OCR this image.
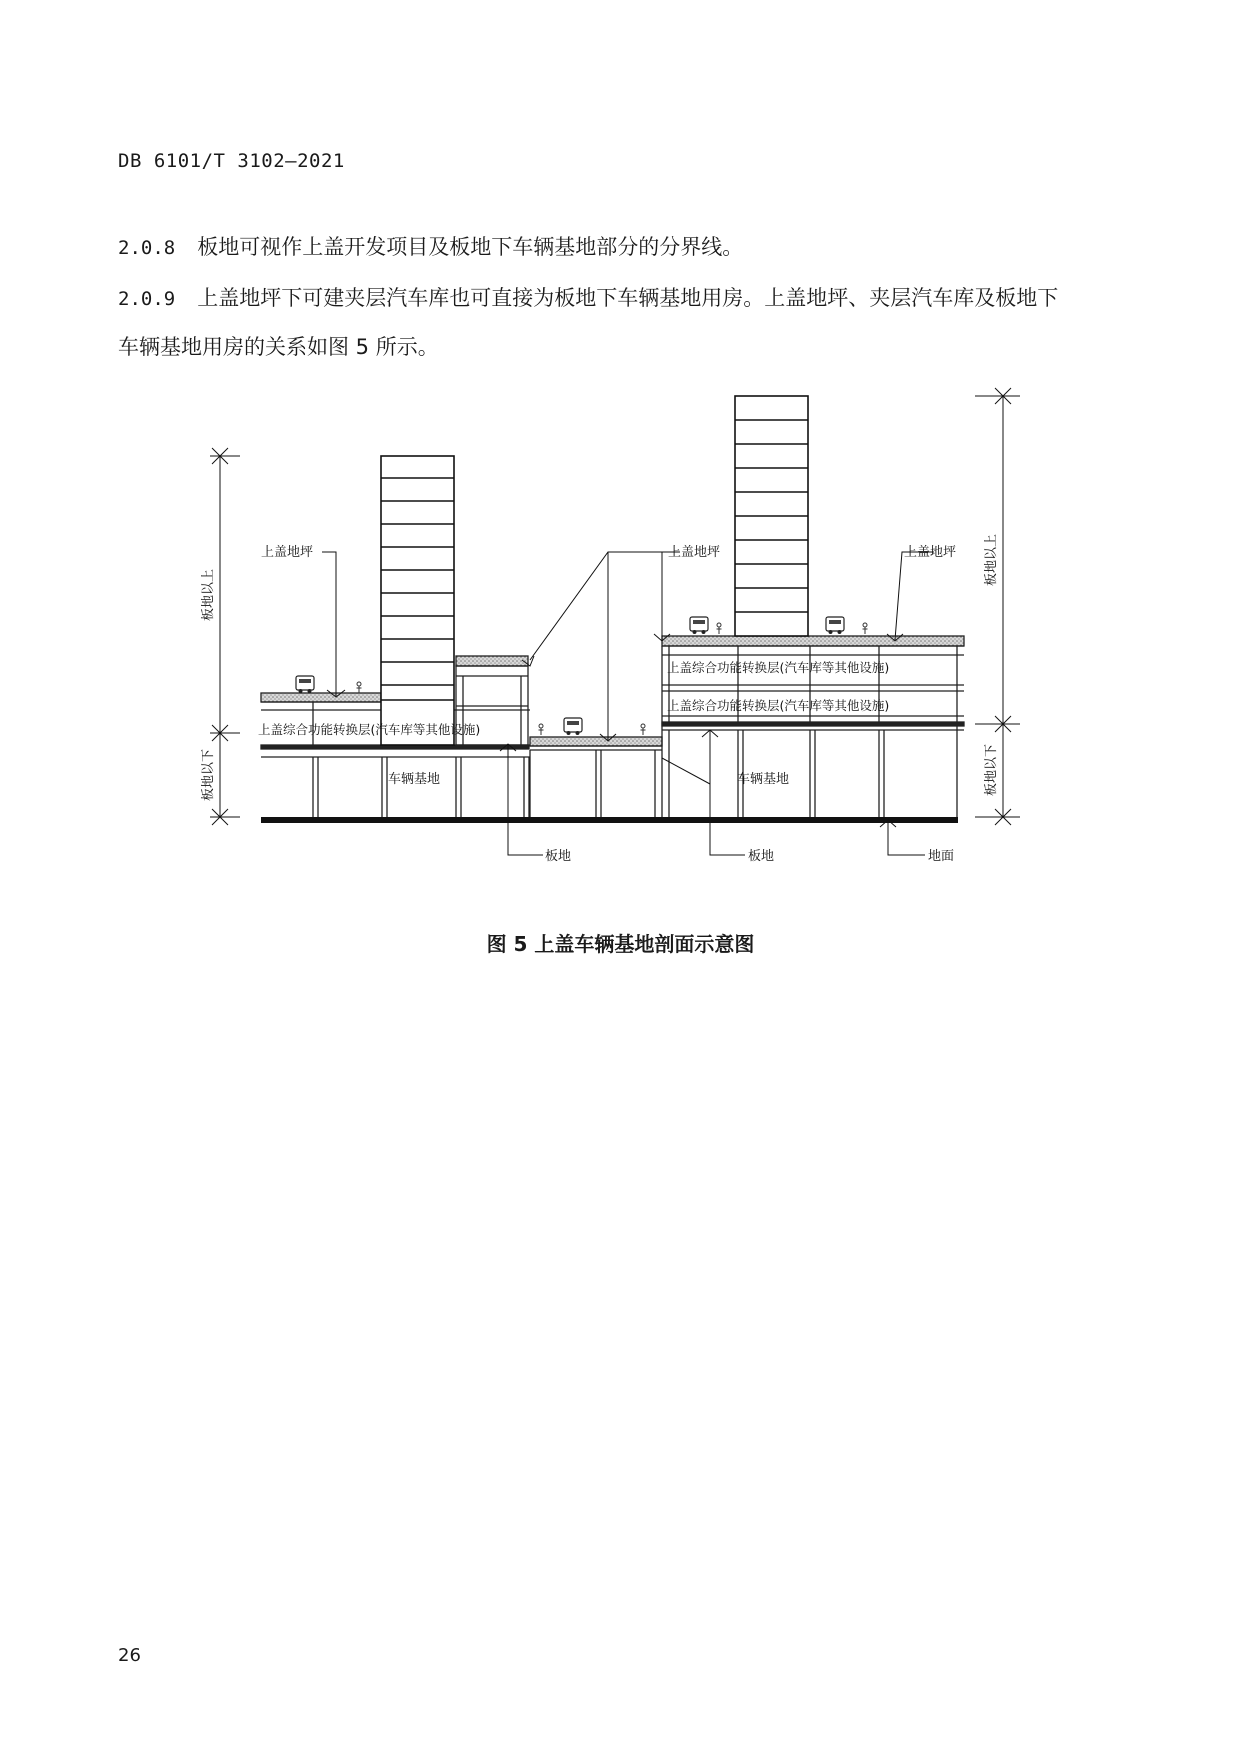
DB 6101/T 3102—2021
2.0.8 板地可视作上盖开发项目及板地下车辆基地部分的分界线。
2.0.9 上盖地坪下可建夹层汽车库也可直接为板地下车辆基地用房。上盖地坪、夹层汽车库及板地下
车辆基地用房的关系如图 5 所示。
上盖地坪	上盖地坪	上盖地坪
板地以上
板地以下
板地以上
板地以下
上盖综合功能转换层(汽车库等其他设施)
上盖综合功能转换层(汽车库等其他设施)
上盖综合功能转换层(汽车库等其他设施)
车辆基地	车辆基地
板地	板地	地面
图 5 上盖车辆基地剖面示意图
26
